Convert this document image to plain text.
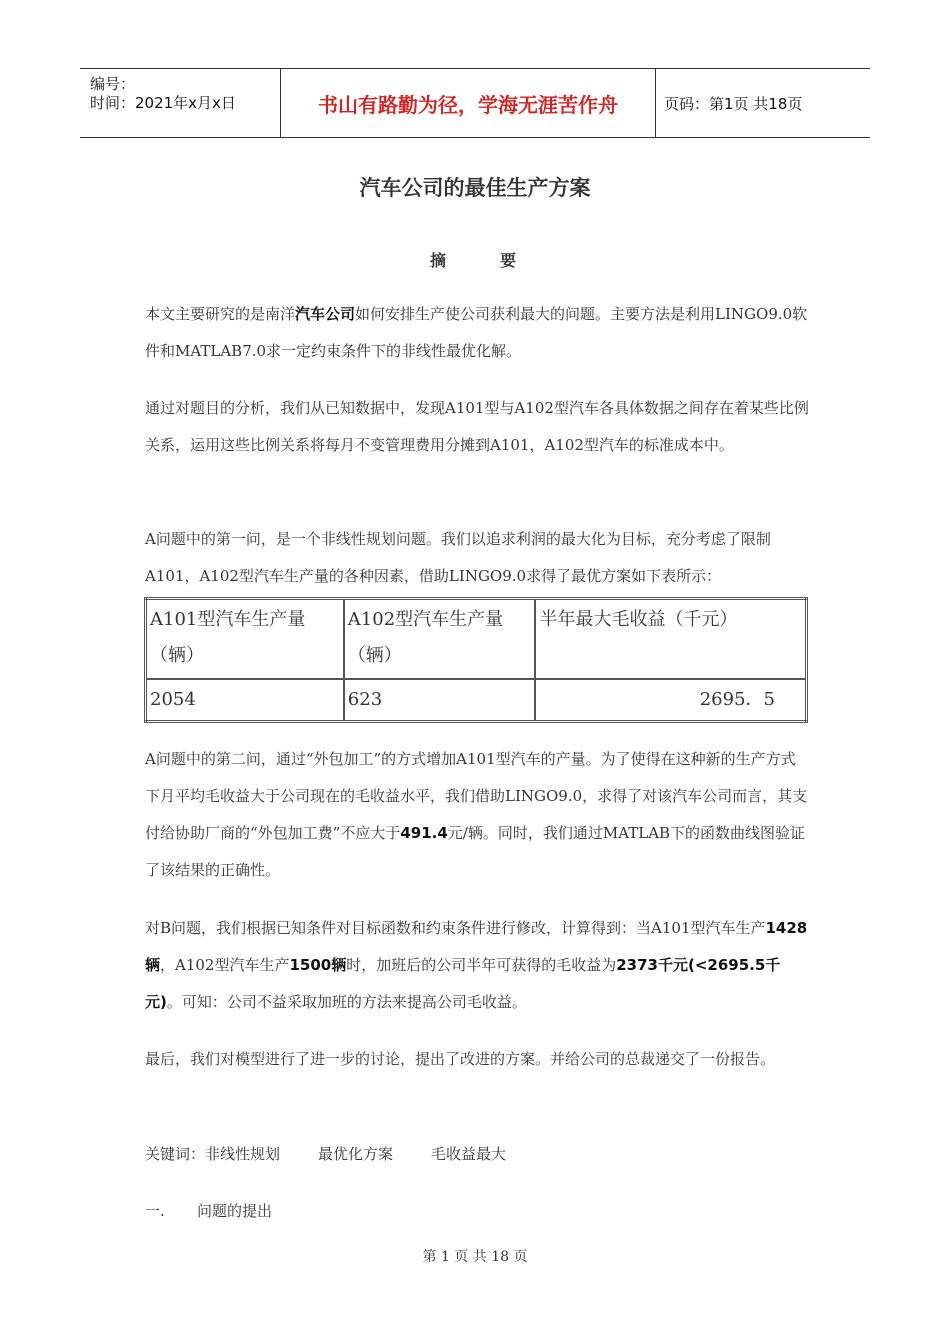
编号：
时间：2021年x月x日	书山有路勤为径，学海无涯苦作舟	页码：第1页 共18页
汽车公司的最佳生产方案
摘	要

本文主要研究的是南洋汽车公司如何安排生产使公司获利最大的问题。主要方法是利用LINGO9.0软件和MATLAB7.0求一定约束条件下的非线性最优化解。

通过对题目的分析，我们从已知数据中，发现A101型与A102型汽车各具体数据之间存在着某些比例关系，运用这些比例关系将每月不变管理费用分摊到A101，A102型汽车的标准成本中。

A问题中的第一问，是一个非线性规划问题。我们以追求利润的最大化为目标，充分考虑了限制A101，A102型汽车生产量的各种因素，借助LINGO9.0求得了最优方案如下表所示：

A101型汽车生产量（辆）	A102型汽车生产量（辆）	半年最大毛收益（千元）
2054	623	2695．5

A问题中的第二问，通过“外包加工”的方式增加A101型汽车的产量。为了使得在这种新的生产方式下月平均毛收益大于公司现在的毛收益水平，我们借助LINGO9.0，求得了对该汽车公司而言，其支付给协助厂商的“外包加工费”不应大于491.4元/辆。同时，我们通过MATLAB下的函数曲线图验证了该结果的正确性。

对B问题，我们根据已知条件对目标函数和约束条件进行修改，计算得到：当A101型汽车生产1428辆，A102型汽车生产1500辆时，加班后的公司半年可获得的毛收益为2373千元(<2695.5千元)。可知：公司不益采取加班的方法来提高公司毛收益。

最后，我们对模型进行了进一步的讨论，提出了改进的方案。并给公司的总裁递交了一份报告。

关键词：非线性规划	最优化方案	毛收益最大
一. 问题的提出
第 1 页 共 18 页
